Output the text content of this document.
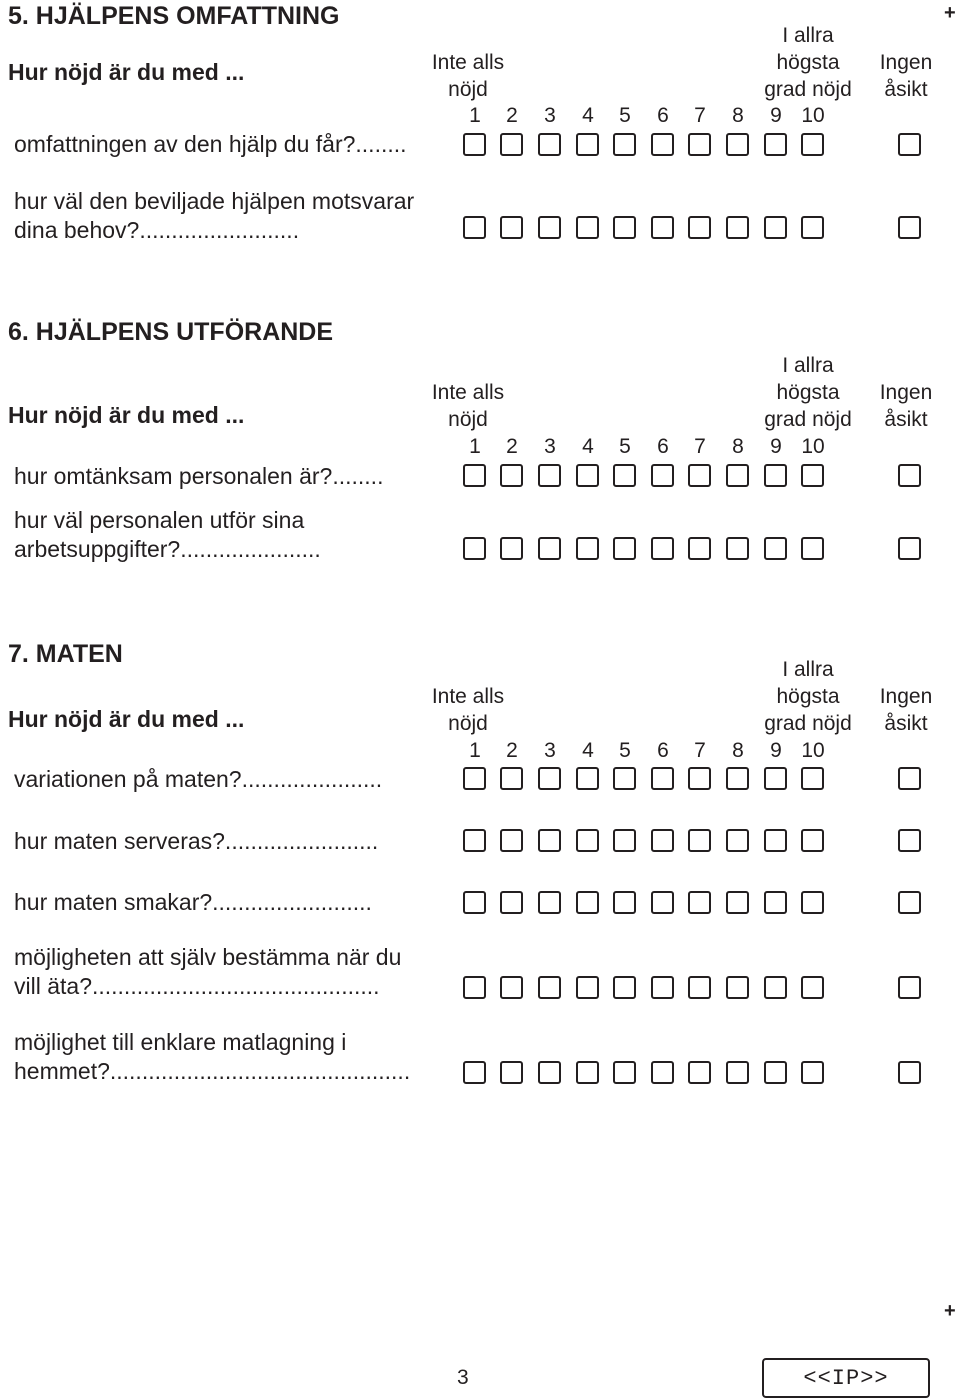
5. HJÄLPENS OMFATTNING
Hur nöjd är du med ...	Inte alls
nöjd
I allra
högsta
grad nöjd
Ingen
åsikt
1	2	3	4	5	6	7	8	9 10
omfattningen av den hjälp du får?........
hur väl den beviljade hjälpen motsvarar
dina behov?.........................
6. HJÄLPENS UTFÖRANDE
Hur nöjd är du med ...
Inte alls
nöjd
I allra
högsta
grad nöjd
Ingen
åsikt
1	2	3	4	5	6	7	8	9 10
hur omtänksam personalen är?........
hur väl personalen utför sina
arbetsuppgifter?......................
7. MATEN
Hur nöjd är du med ...
Inte alls
nöjd
I allra
högsta
grad nöjd
Ingen
åsikt
1	2	3	4	5	6	7	8	9 10
variationen på maten?......................
hur maten serveras?........................
hur maten smakar?.........................
möjligheten att själv bestämma när du
vill äta?.............................................
möjlighet till enklare matlagning i
hemmet?...............................................
+
+
3	<<IP>>
